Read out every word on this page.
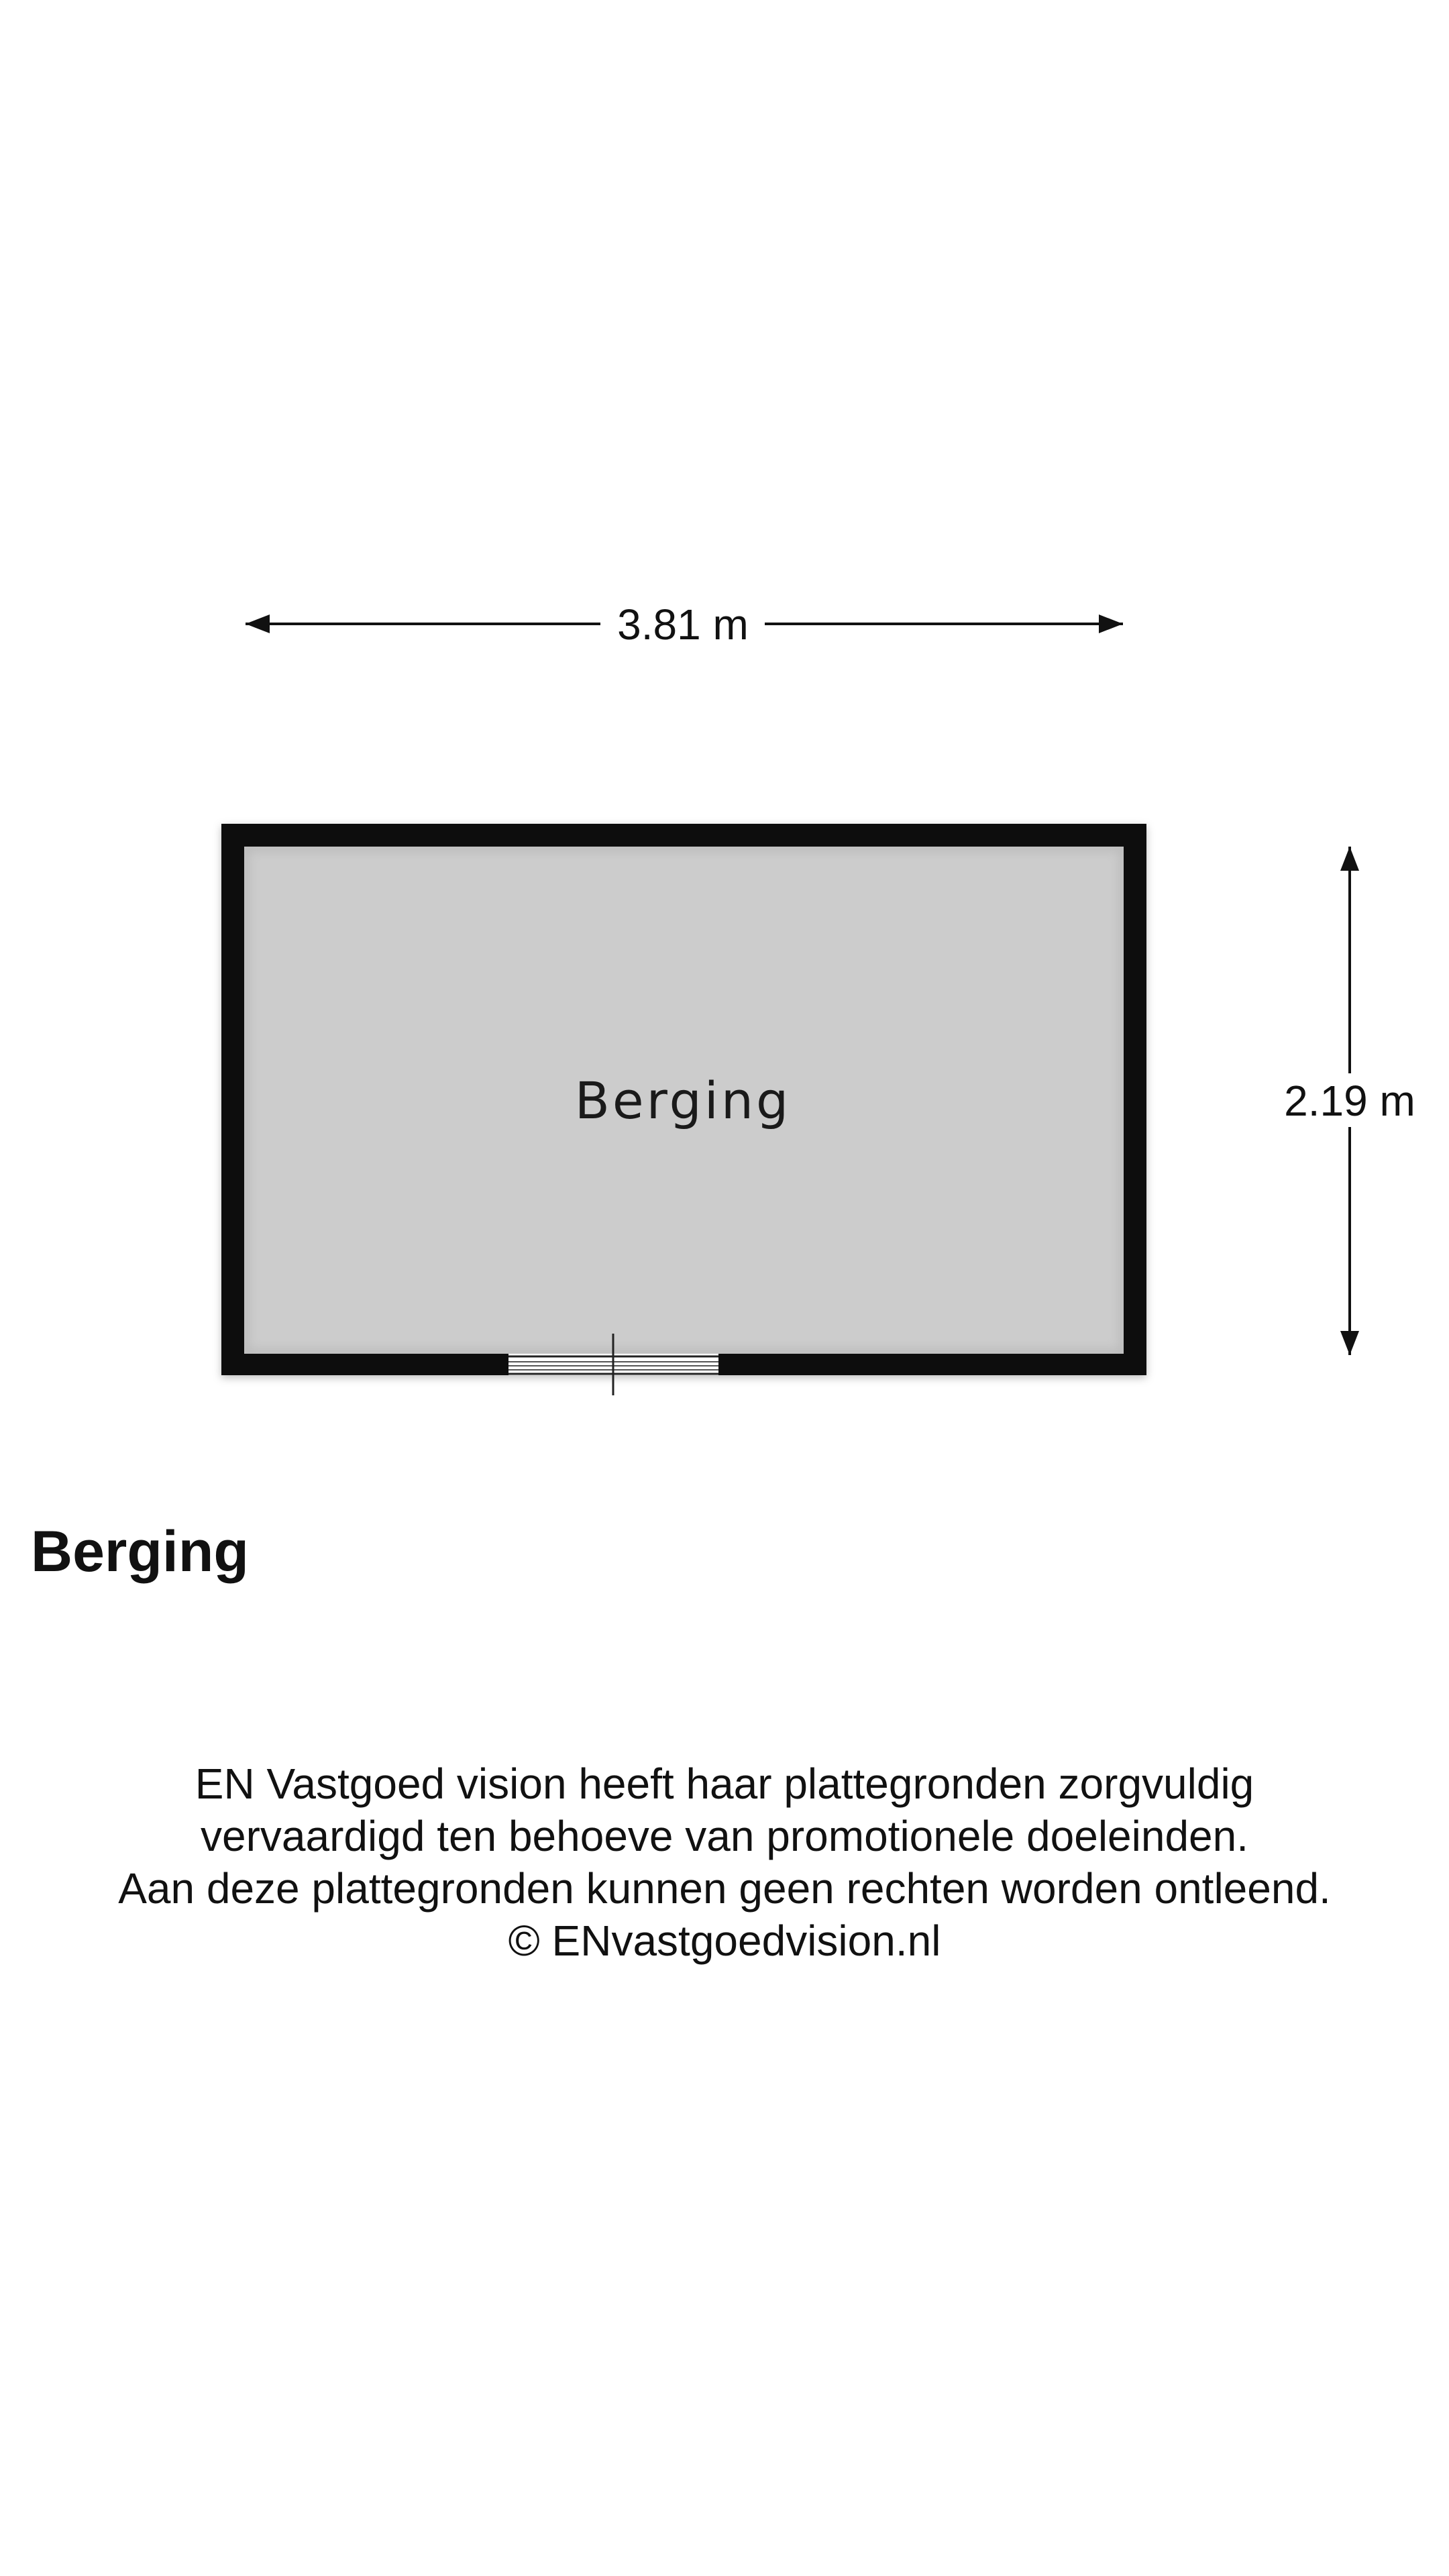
3.81 m
Berging	2.19 m
Berging
EN Vastgoed vision heeft haar plattegronden zorgvuldig
vervaardigd ten behoeve van promotionele doeleinden.
Aan deze plattegronden kunnen geen rechten worden ontleend.
© ENvastgoedvision.nl
